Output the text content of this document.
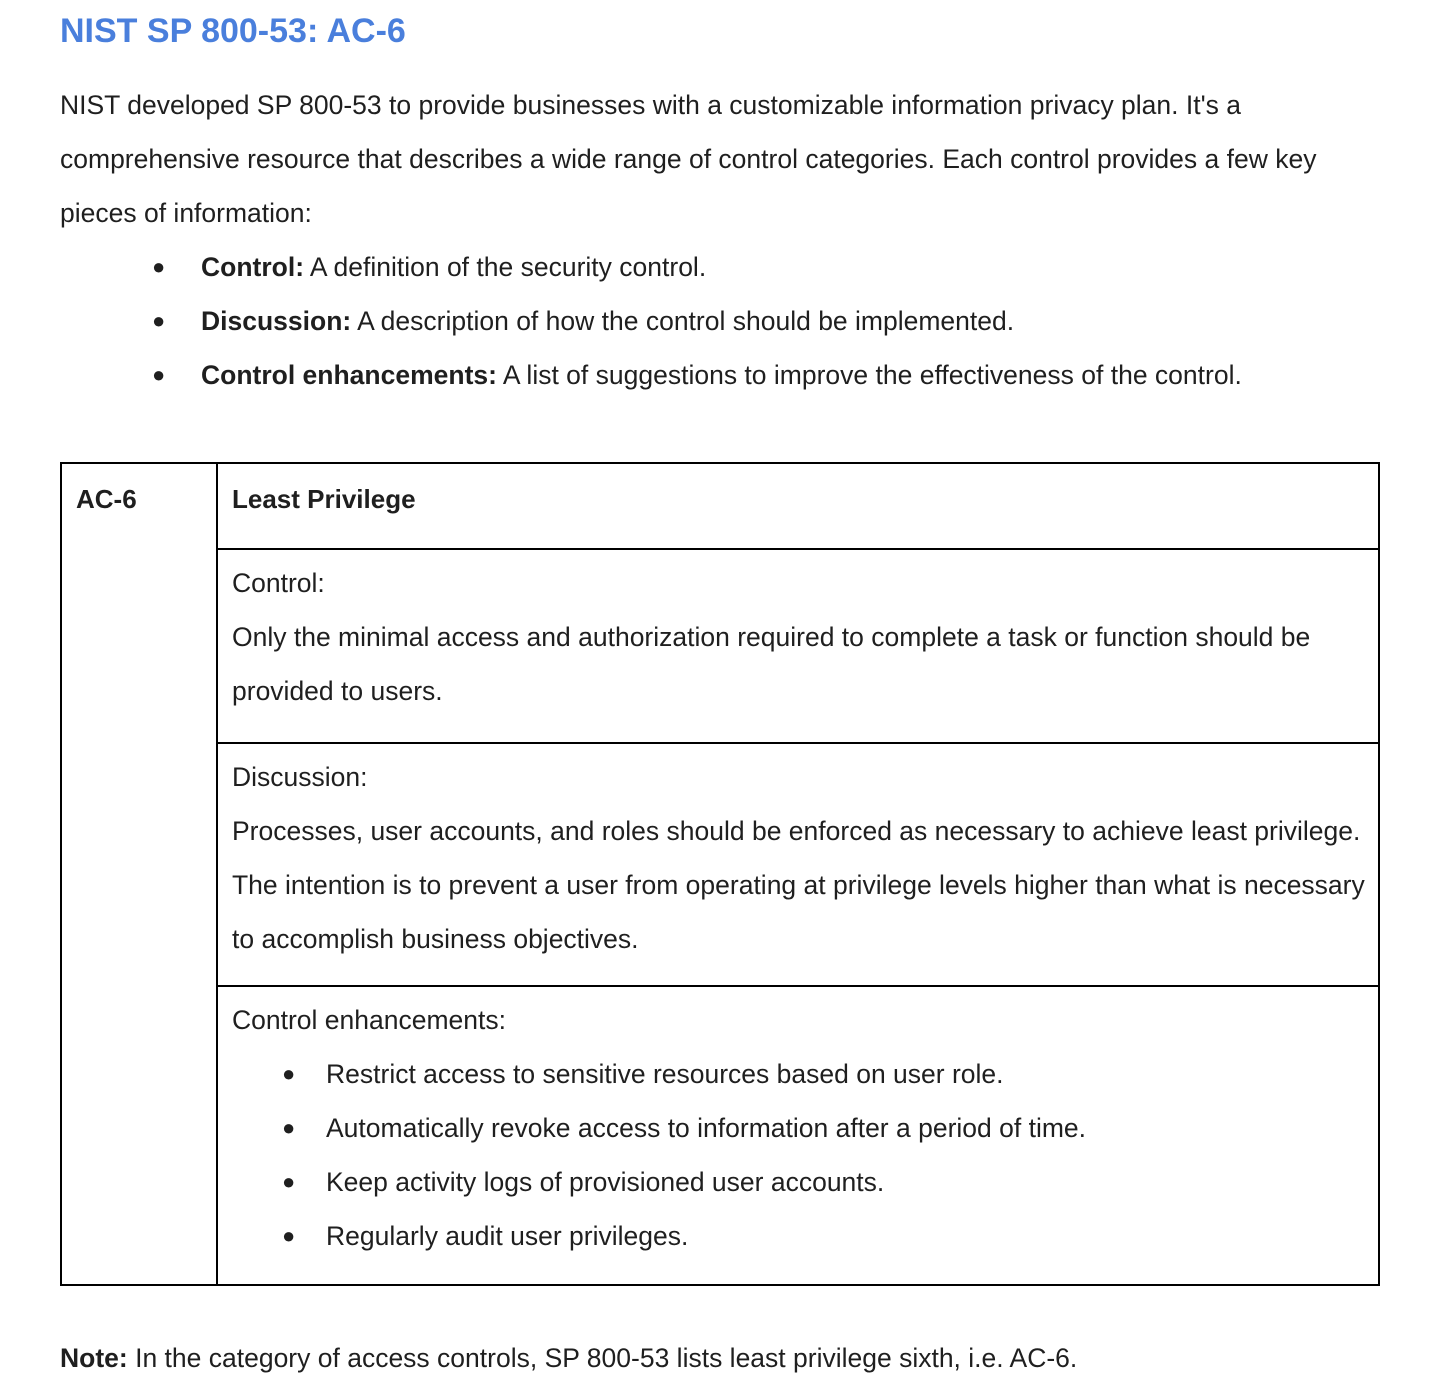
NIST SP 800-53: AC-6

NIST developed SP 800-53 to provide businesses with a customizable information privacy plan. It's a comprehensive resource that describes a wide range of control categories. Each control provides a few key pieces of information:

● Control: A definition of the security control.
● Discussion: A description of how the control should be implemented.
● Control enhancements: A list of suggestions to improve the effectiveness of the control.
AC-6	Least Privilege
Control:
Only the minimal access and authorization required to complete a task or function should be provided to users.
Discussion:
Processes, user accounts, and roles should be enforced as necessary to achieve least privilege. The intention is to prevent a user from operating at privilege levels higher than what is necessary to accomplish business objectives.
Control enhancements:
● Restrict access to sensitive resources based on user role.
● Automatically revoke access to information after a period of time.
● Keep activity logs of provisioned user accounts.
● Regularly audit user privileges.

Note: In the category of access controls, SP 800-53 lists least privilege sixth, i.e. AC-6.
